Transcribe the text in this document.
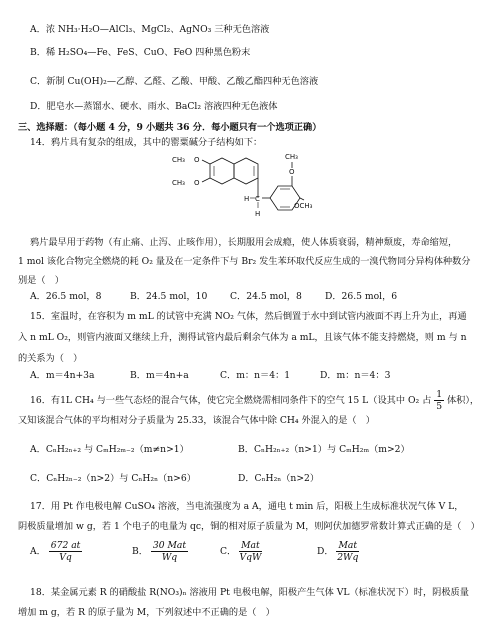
A．浓 NH₃·H₂O—AlCl₃、MgCl₂、AgNO₃ 三种无色溶液
B．稀 H₂SO₄—Fe、FeS、CuO、FeO 四种黑色粉末
C．新制 Cu(OH)₂—乙醇、乙醛、乙酸、甲酸、乙酸乙酯四种无色溶液
D．肥皂水—蒸馏水、硬水、雨水、BaCl₂ 溶液四种无色液体
三、选择题：（每小题 4 分，9 小题共 36 分．每小题只有一个选项正确）
14．鸦片具有复杂的组成，其中的罂粟碱分子结构如下：
CH₃ O
CH₃ O
H C
H
O
CH₃
OCH₃
鸦片最早用于药物（有止痛、止泻、止咳作用），长期服用会成瘾，使人体质衰弱，精神颓废，寿命缩短，
1 mol 该化合物完全燃烧的耗 O₂ 量及在一定条件下与 Br₂ 发生苯环取代反应生成的一溴代物同分异构体种数分
别是（　）
A．26.5 mol，8	B．24.5 mol，10 C．24.5 mol，8	D．26.5 mol，6
15．室温时，在容积为 m mL 的试管中充满 NO₂ 气体，然后倒置于水中到试管内液面不再上升为止，再通
入 n mL O₂，则管内液面又继续上升，测得试管内最后剩余气体为 a mL，且该气体不能支持燃烧，则 m 与 n
的关系为（　）
A．m＝4n+3a	B．m＝4n+a	C．m：n＝4：1	D．m：n＝4：3
16．有1L CH₄ 与一些气态烃的混合气体，使它完全燃烧需相同条件下的空气 15 L（设其中 O₂ 占 $\frac{1}{5}$ 体积），
又知该混合气体的平均相对分子质量为 25.33，该混合气体中除 CH₄ 外混入的是（　）
A．CₙH₂ₙ₊₂ 与 CₘH₂ₘ₋₂（m≠n>1）	B．CₙH₂ₙ₊₂（n>1）与 CₘH₂ₘ（m>2）
C．CₙH₂ₙ₋₂（n>2）与 CₙH₂ₙ（n>6）	D．CₙH₂ₙ（n>2）
17．用 Pt 作电极电解 CuSO₄ 溶液，当电流强度为 a A，通电 t min 后，阳极上生成标准状况气体 V L，
阴极质量增加 w g，若 1 个电子的电量为 qc，铜的相对原子质量为 M，则阿伏加德罗常数计算式正确的是（　）
A． $\frac{672 at}{Vq}$	B． $\frac{\text{30 Mat}}{Wq}$	C． $\frac{\text{Mat}}{\text{VqW}}$	D． $\frac{\text{Mat}}{2Wq}$
18．某金属元素 R 的硝酸盐 R(NO₃)ₙ 溶液用 Pt 电极电解，阳极产生气体 VL（标准状况下）时，阴极质量
增加 m g，若 R 的原子量为 M，下列叙述中不正确的是（　）
